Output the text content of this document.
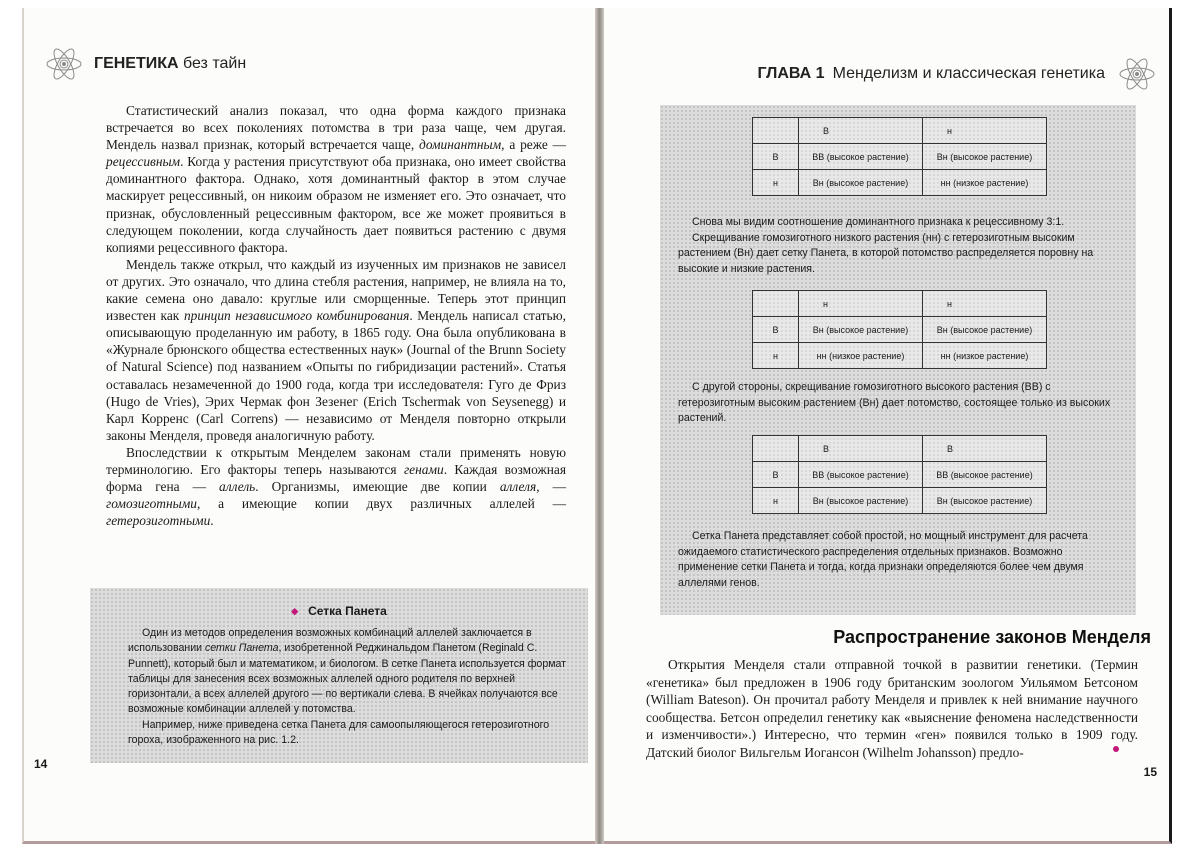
ГЕНЕТИКА без тайн

Статистический анализ показал, что одна форма каждого признака встречается во всех поколениях потомства в три раза чаще, чем другая. Мендель назвал признак, который встречается чаще, доминантным, а реже — рецессивным. Когда у растения присутствуют оба признака, оно имеет свойства доминантного фактора. Однако, хотя доминантный фактор в этом случае маскирует рецессивный, он никоим образом не изменяет его. Это означает, что признак, обусловленный рецессивным фактором, все же может проявиться в следующем поколении, когда случайность дает появиться растению с двумя копиями рецессивного фактора.

Мендель также открыл, что каждый из изученных им признаков не зависел от других. Это означало, что длина стебля растения, например, не влияла на то, какие семена оно давало: круглые или сморщенные. Теперь этот принцип известен как принцип независимого комбинирования. Мендель написал статью, описывающую проделанную им работу, в 1865 году. Она была опубликована в «Журнале брюнского общества естественных наук» (Journal of the Brunn Society of Natural Science) под названием «Опыты по гибридизации растений». Статья оставалась незамеченной до 1900 года, когда три исследователя: Гуго де Фриз (Hugo de Vries), Эрих Чермак фон Зезенег (Erich Tschermak von Seysenegg) и Карл Корренс (Carl Correns) — независимо от Менделя повторно открыли законы Менделя, проведя аналогичную работу.

Впоследствии к открытым Менделем законам стали применять новую терминологию. Его факторы теперь называются генами. Каждая возможная форма гена — аллель. Организмы, имеющие две копии аллеля, — гомозиготными, а имеющие копии двух различных аллелей — гетерозиготными.

◆ Сетка Панета

Один из методов определения возможных комбинаций аллелей заключается в использовании сетки Панета, изобретенной Реджинальдом Панетом (Reginald C. Punnett), который был и математиком, и биологом. В сетке Панета используется формат таблицы для занесения всех возможных аллелей одного родителя по верхней горизонтали, а всех аллелей другого — по вертикали слева. В ячейках получаются все возможные комбинации аллелей у потомства.

Например, ниже приведена сетка Панета для самоопыляющегося гетерозиготного гороха, изображенного на рис. 1.2.

14
ГЛАВА 1 Менделизм и классическая генетика
	В	н
В	ВВ (высокое растение)	Вн (высокое растение)
н	Вн (высокое растение)	нн (низкое растение)

Снова мы видим соотношение доминантного признака к рецессивному 3:1.

Скрещивание гомозиготного низкого растения (нн) с гетерозиготным высоким растением (Вн) дает сетку Панета, в которой потомство распределяется поровну на высокие и низкие растения.

	н	н
В	Вн (высокое растение)	Вн (высокое растение)
н	нн (низкое растение)	нн (низкое растение)

С другой стороны, скрещивание гомозиготного высокого растения (ВВ) с гетерозиготным высоким растением (Вн) дает потомство, состоящее только из высоких растений.

	В	В
В	ВВ (высокое растение)	ВВ (высокое растение)
н	Вн (высокое растение)	Вн (высокое растение)

Сетка Панета представляет собой простой, но мощный инструмент для расчета ожидаемого статистического распределения отдельных признаков. Возможно применение сетки Панета и тогда, когда признаки определяются более чем двумя аллелями генов.

Распространение законов Менделя

Открытия Менделя стали отправной точкой в развитии генетики. (Термин «генетика» был предложен в 1906 году британским зоологом Уильямом Бетсоном (William Bateson). Он прочитал работу Менделя и привлек к ней внимание научного сообщества. Бетсон определил генетику как «выяснение феномена наследственности и изменчивости».) Интересно, что термин «ген» появился только в 1909 году. Датский биолог Вильгельм Иогансон (Wilhelm Johansson) предло-

15
